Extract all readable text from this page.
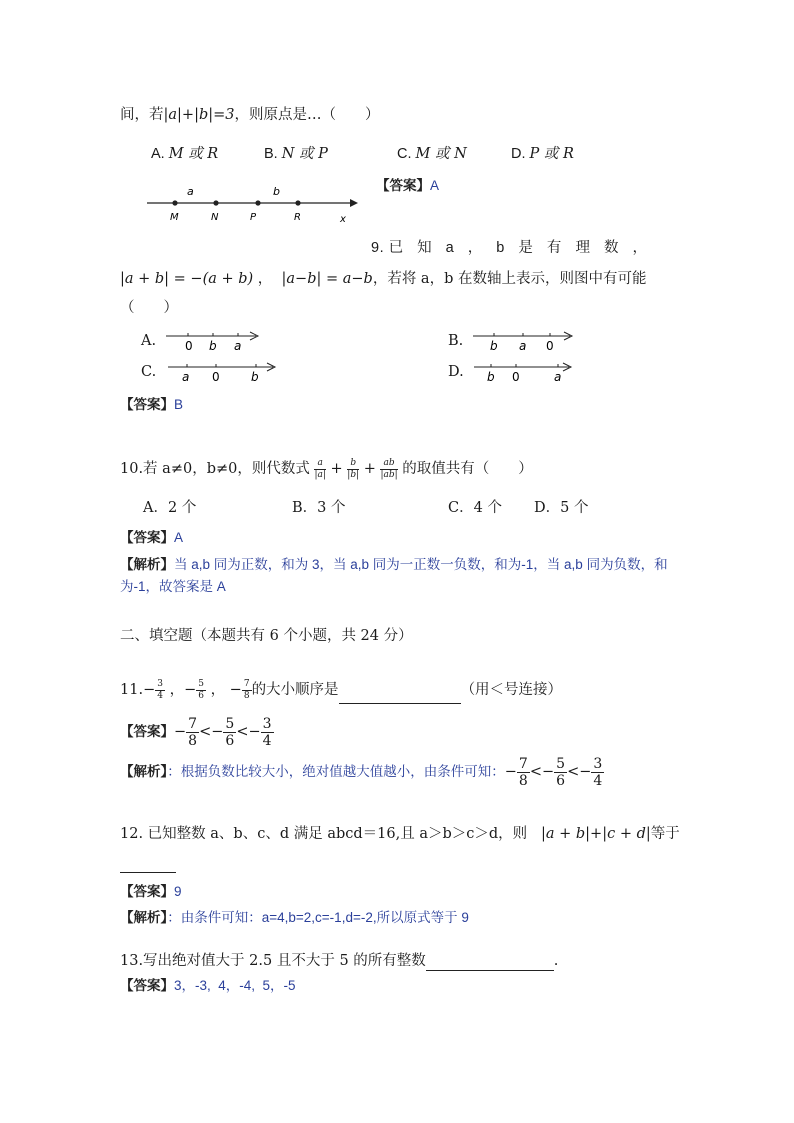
间，若|a|+|b|=3，则原点是…（　　）
A. M 或 R	B. N 或 P	C. M 或 N	D. P 或 R
a	b
M	N	P	R	x
【答案】A
9. 已 知 a ， b 是 有 理 数 ，
|a + b| = −(a + b) ，  |a−b| = a−b，若将 a，b 在数轴上表示，则图中有可能
（　　）
A. 0 b a	B. b a 0
C. a 0	b	D. b 0	a
【答案】B
10.若 a≠0，b≠0，则代数式 $\frac{a}{|a|} + \frac{b}{|b|} + \frac{ab}{|ab|}$ 的取值共有（　　）
A．2 个	B．3 个	C．4 个 D．5 个
【答案】A
【解析】当 a,b 同为正数，和为 3，当 a,b 同为一正数一负数，和为-1，当 a,b 同为负数，和
为-1，故答案是 A
二、填空题（本题共有 6 个小题，共 24 分）
$11.- \frac{3}{4}$ ，− $\frac{5}{6}$ ， − $\frac{7}{8}$ 的大小顺序是	（用＜号连接）
【答案】− $\frac{7}{8} <- \frac{5}{6} <- \frac{3}{4}$
【解析】：根据负数比较大小，绝对值越大值越小，由条件可知：− $\frac{7}{8} <- \frac{5}{6} <- \frac{3}{4}$
12. 已知整数 a、b、c、d 满足 abcd＝16,且 a＞b＞c＞d，则 |a + b|+|c + d|等于
【答案】9
【解析】：由条件可知：a=4,b=2,c=-1,d=-2,所以原式等于 9
13.写出绝对值大于 2.5 且不大于 5 的所有整数	.
【答案】3，-3,  4，-4,  5，-5
